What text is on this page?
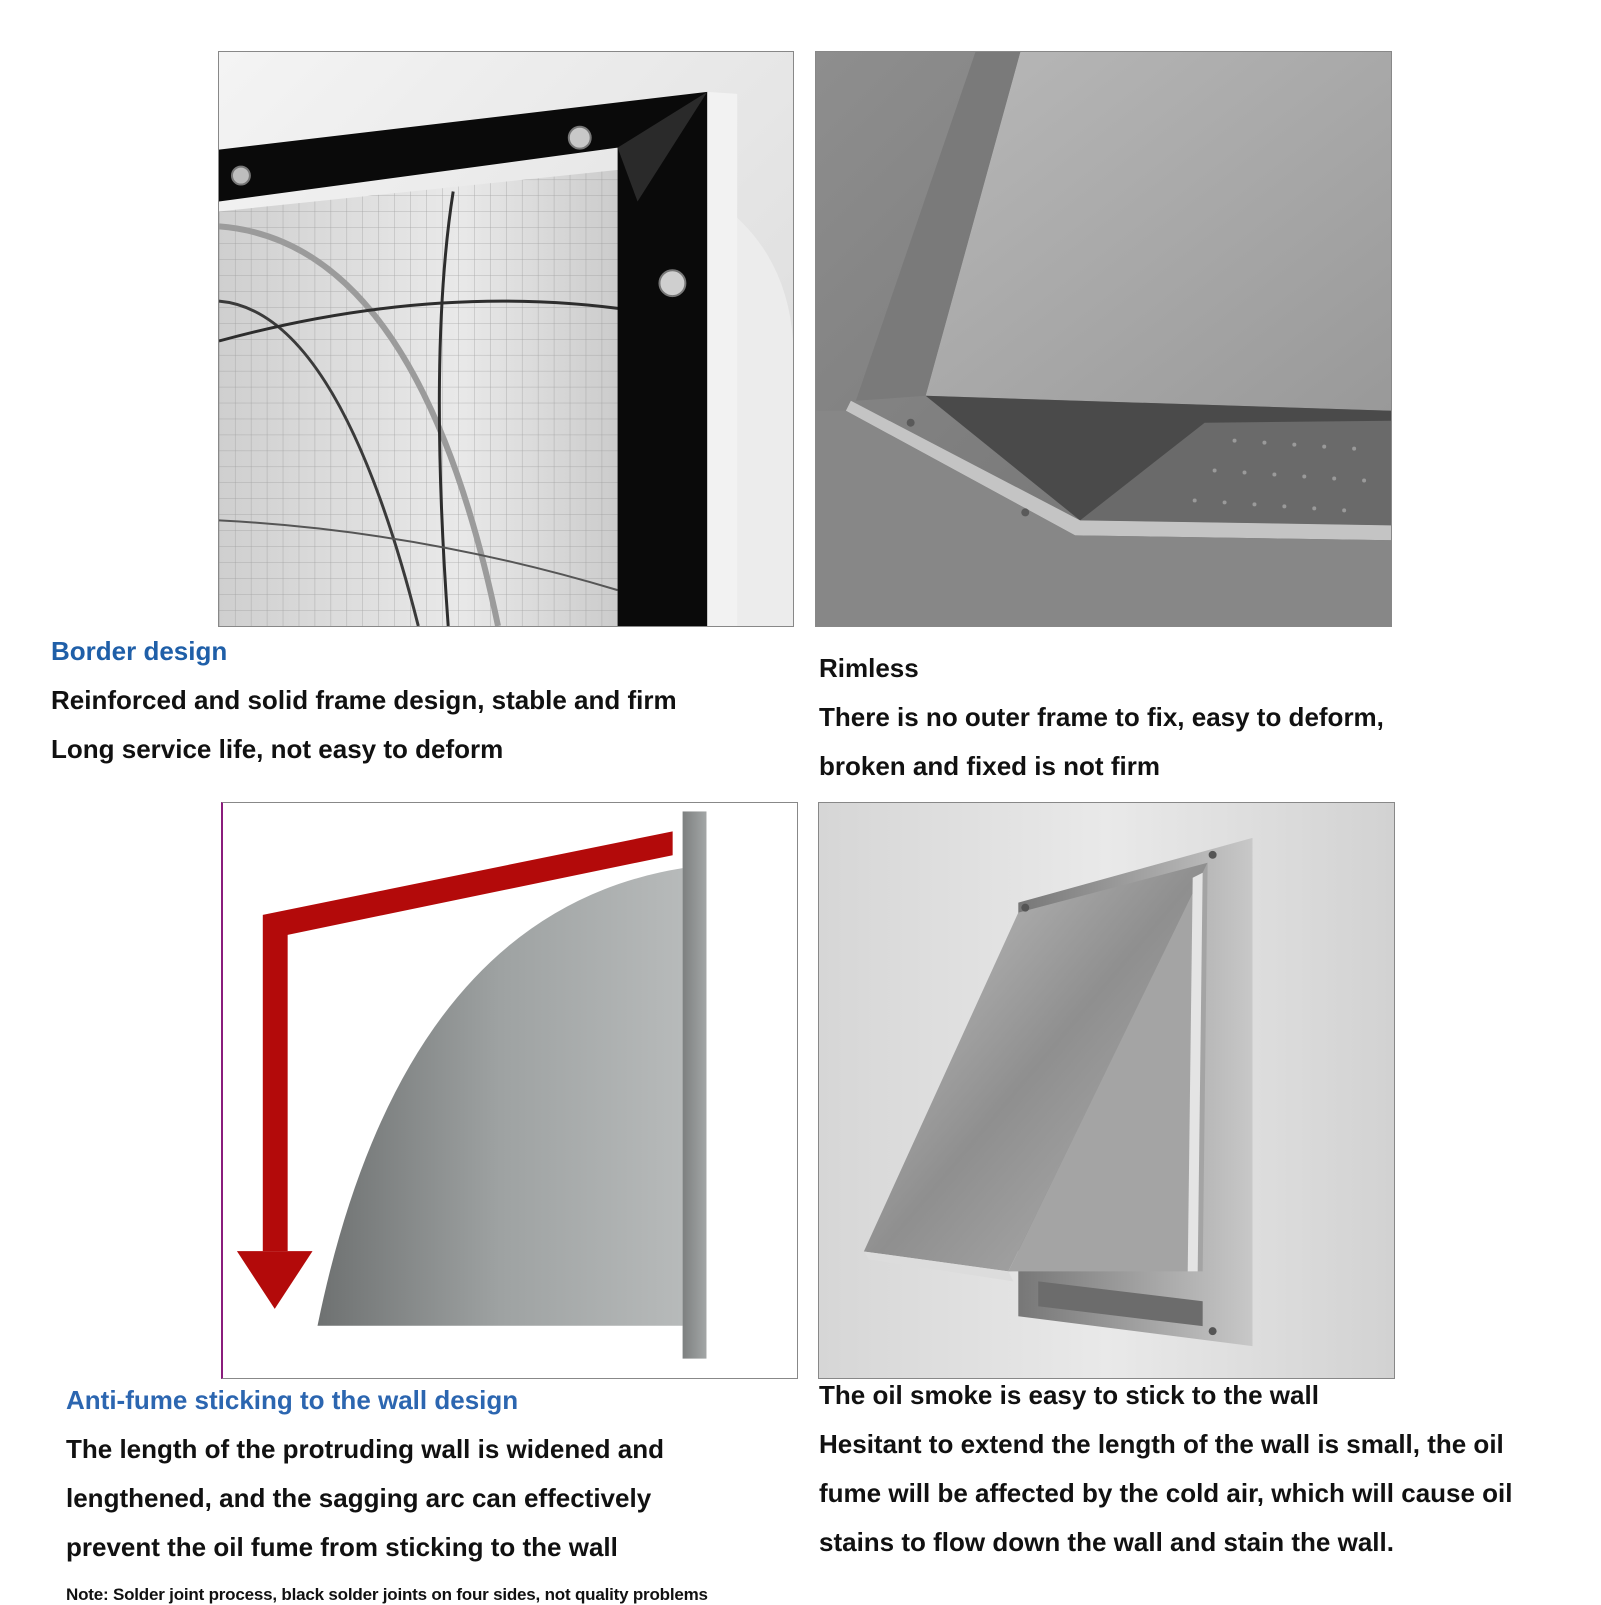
Border design
Reinforced and solid frame design, stable and firm
Long service life, not easy to deform
Rimless
There is no outer frame to fix, easy to deform,
broken and fixed is not firm
Anti-fume sticking to the wall design
The length of the protruding wall is widened and
lengthened, and the sagging arc can effectively
prevent the oil fume from sticking to the wall
Note: Solder joint process, black solder joints on four sides, not quality problems
The oil smoke is easy to stick to the wall
Hesitant to extend the length of the wall is small, the oil
fume will be affected by the cold air, which will cause oil
stains to flow down the wall and stain the wall.
